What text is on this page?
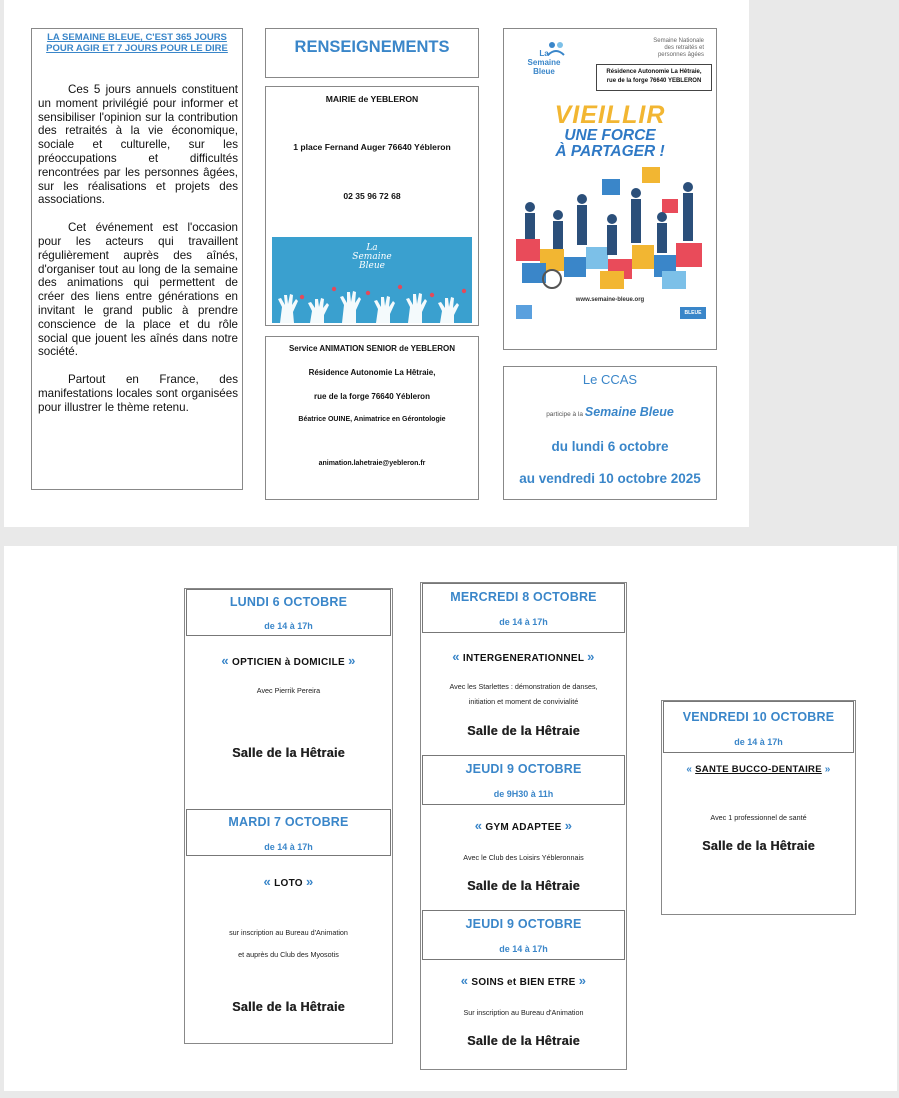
LA SEMAINE BLEUE, C'EST 365 JOURS POUR AGIR ET 7 JOURS POUR LE DIRE

Ces 5 jours annuels constituent un moment privilégié pour informer et sensibiliser l'opinion sur la contribution des retraités à la vie économique, sociale et culturelle, sur les préoccupations et difficultés rencontrées par les personnes âgées, sur les réalisations et projets des associations.

Cet événement est l'occasion pour les acteurs qui travaillent régulièrement auprès des aînés, d'organiser tout au long de la semaine des animations qui permettent de créer des liens entre générations en invitant le grand public à prendre conscience de la place et du rôle social que jouent les aînés dans notre société.

Partout en France, des manifestations locales sont organisées pour illustrer le thème retenu.

RENSEIGNEMENTS
MAIRIE de YEBLERON
1 place Fernand Auger 76640 Yébleron
02 35 96 72 68
La
Semaine
Bleue
Service ANIMATION SENIOR de YEBLERON
Résidence Autonomie La Hêtraie,
rue de la forge 76640 Yébleron
Béatrice OUINE, Animatrice en Gérontologie
animation.lahetraie@yebleron.fr
La
Semaine
Bleue
Semaine Nationale
des retraités et
personnes âgées
Résidence Autonomie La Hêtraie,
rue de la forge 76640 YEBLERON
VIEILLIR
UNE FORCE
À PARTAGER !
www.semaine-bleue.org
BLEUE
Le CCAS
participe à la Semaine Bleue
du lundi 6 octobre
au vendredi 10 octobre 2025
LUNDI 6 OCTOBRE
de 14 à 17h
« OPTICIEN à DOMICILE »
Avec Pierrik Pereira
Salle de la Hêtraie
MARDI 7 OCTOBRE
de 14 à 17h
« LOTO »
sur inscription au Bureau d'Animation
et auprès du Club des Myosotis
Salle de la Hêtraie
MERCREDI 8 OCTOBRE
de 14 à 17h
« INTERGENERATIONNEL »
Avec les Starlettes : démonstration de danses,
initiation et moment de convivialité
Salle de la Hêtraie
JEUDI 9 OCTOBRE
de 9H30 à 11h
« GYM ADAPTEE »
Avec le Club des Loisirs Yébleronnais
Salle de la Hêtraie
JEUDI 9 OCTOBRE
de 14 à 17h
« SOINS et BIEN ETRE »
Sur inscription au Bureau d'Animation
Salle de la Hêtraie
VENDREDI 10 OCTOBRE
de 14 à 17h
« SANTE BUCCO-DENTAIRE »
Avec 1 professionnel de santé
Salle de la Hêtraie
